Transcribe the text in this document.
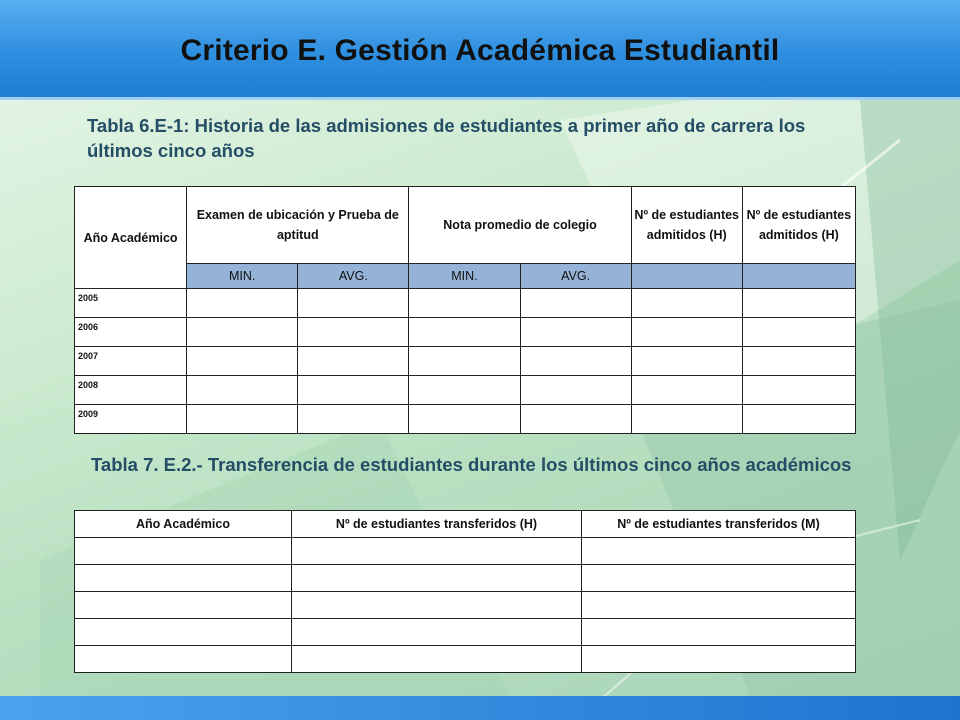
Criterio E. Gestión Académica Estudiantil
Tabla 6.E-1: Historia de las admisiones de estudiantes a primer año de carrera los últimos cinco años
Año Académico	Examen de ubicación y Prueba de aptitud		Nota promedio de colegio		Nº de estudiantes admitidos (H)	Nº de estudiantes admitidos (H)
	MIN.	AVG.	MIN.	AVG.		
2005						
2006						
2007						
2008						
2009						
Tabla 7. E.2.- Transferencia de estudiantes durante los últimos cinco años académicos
Año Académico	Nº de estudiantes transferidos (H)	Nº de estudiantes transferidos (M)
